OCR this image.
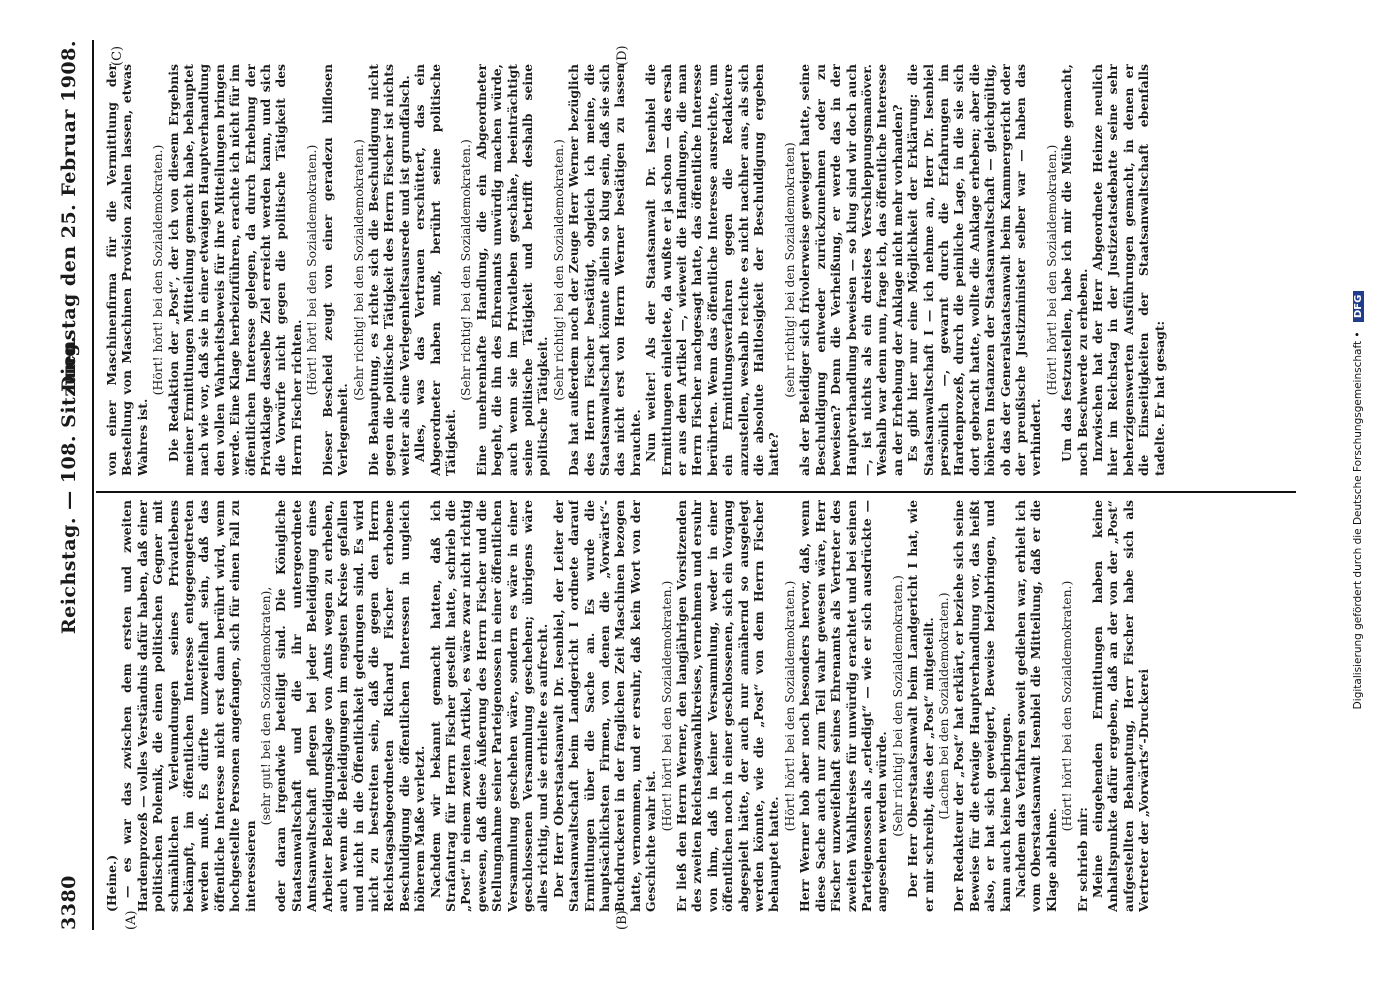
3380
Reichstag. — 108. Sitzung.
Dienstag den 25. Februar 1908.
(A)	(B)
(C)	(D)

(Heine.) — es war das zwischen dem ersten und zweiten Hardenprozeß — volles Verständnis dafür haben, daß einer politischen Polemik, die einen politischen Gegner mit schmählichen Verleumdungen seines Privatlebens bekämpft, im öffentlichen Interesse entgegengetreten werden muß. Es dürfte unzweifelhaft sein, daß das öffentliche Interesse nicht erst dann berührt wird, wenn hochgestellte Personen angefangen, sich für einen Fall zu interessieren

(sehr gut! bei den Sozialdemokraten), oder daran irgendwie beteiligt sind. Die Königliche Staatsanwaltschaft und die ihr untergeordnete Amtsanwaltschaft pflegen bei jeder Beleidigung eines Arbeiter Beleidigungsklage von Amts wegen zu erheben, auch wenn die Beleidigungen im engsten Kreise gefallen und nicht in die Öffentlichkeit gedrungen sind. Es wird nicht zu bestreiten sein, daß die gegen den Herrn Reichstagsabgeordneten Richard Fischer erhobene Beschuldigung die öffentlichen Interessen in ungleich höherem Maße verletzt. Nachdem wir bekannt gemacht hatten, daß ich Strafantrag für Herrn Fischer gestellt hatte, schrieb die „Post“ in einem zweiten Artikel, es wäre zwar nicht richtig gewesen, daß diese Äußerung des Herrn Fischer und die Stellungnahme seiner Parteigenossen in einer öffentlichen Versammlung geschehen wäre, sondern es wäre in einer geschlossenen Versammlung geschehen; übrigens wäre alles richtig, und sie erhielte es aufrecht. Der Herr Oberstaatsanwalt Dr. Isenbiel, der Leiter der Staatsanwaltschaft beim Landgericht I ordnete darauf Ermittlungen über die Sache an. Es wurde die hauptsächlichsten Firmen, von denen die „Vorwärts“-Buchdruckerei in der fraglichen Zeit Maschinen bezogen hatte, vernommen, und er ersuhr, daß kein Wort von der Geschichte wahr ist.

(Hört! hört! bei den Sozialdemokraten.) Er ließ den Herrn Werner, den langjährigen Vorsitzenden des zweiten Reichstagswahlkreises, vernehmen und ersuhr von ihm, daß in keiner Versammlung, weder in einer öffentlichen noch in einer geschlossenen, sich ein Vorgang abgespielt hätte, der auch nur annähernd so ausgelegt werden könnte, wie die „Post“ von dem Herrn Fischer behauptet hatte.

(Hört! hört! bei den Sozialdemokraten.) Herr Werner hob aber noch besonders hervor, daß, wenn diese Sache auch nur zum Teil wahr gewesen wäre, Herr Fischer unzweifelhaft seines Ehrenamts als Vertreter des zweiten Wahlkreises für unwürdig erachtet und bei seinen Parteigenossen als „erledigt“ — wie er sich ausdrückte — angesehen werden würde. (Sehr richtig! bei den Sozialdemokraten.) Der Herr Oberstaatsanwalt beim Landgericht I hat, wie er mir schreibt, dies der „Post“ mitgeteilt. (Lachen bei den Sozialdemokraten.) Der Redakteur der „Post“ hat erklärt, er beziehe sich seine Beweise für die etwaige Hauptverhandlung vor, das heißt also, er hat sich geweigert, Beweise beizubringen, und kann auch keine beibringen. Nachdem das Verfahren soweit gediehen war, erhielt ich vom Oberstaatsanwalt Isenbiel die Mitteilung, daß er die Klage ablehne.

(Hört! hört! bei den Sozialdemokraten.)

Er schrieb mir: Meine eingehenden Ermittlungen haben keine Anhaltspunkte dafür ergeben, daß an der von der „Post“ aufgestellten Behauptung, Herr Fischer habe sich als Vertreter der „Vorwärts“-Druckerei

von einer Maschinenfirma für die Vermittlung der Bestellung von Maschinen Provision zahlen lassen, etwas Wahres ist.

(Hört! hört! bei den Sozialdemokraten.) Die Redaktion der „Post“, der ich von diesem Ergebnis meiner Ermittlungen Mitteilung gemacht habe, behauptet nach wie vor, daß sie in einer etwaigen Hauptverhandlung den vollen Wahrheitsbeweis für ihre Mitteilungen bringen werde. Eine Klage herbeizuführen, erachte ich nicht für im öffentlichen Interesse gelegen, da durch Erhebung der Privatklage dasselbe Ziel erreicht werden kann, und sich die Vorwürfe nicht gegen die politische Tätigkeit des Herrn Fischer richten.

(Hört! hört! bei den Sozialdemokraten.) Dieser Bescheid zeugt von einer geradezu hilflosen Verlegenheit.

(Sehr richtig! bei den Sozialdemokraten.) Die Behauptung, es richte sich die Beschuldigung nicht gegen die politische Tätigkeit des Herrn Fischer ist nichts weiter als eine Verlegenheitsausrede und ist grundfalsch. Alles, was das Vertrauen erschüttert, das ein Abgeordneter haben muß, berührt seine politische Tätigkeit.

(Sehr richtig! bei den Sozialdemokraten.) Eine unehrenhafte Handlung, die ein Abgeordneter begeht, die ihn des Ehrenamts unwürdig machen würde, auch wenn sie im Privatleben geschähe, beeinträchtigt seine politische Tätigkeit und betrifft deshalb seine politische Tätigkeit.

(Sehr richtig! bei den Sozialdemokraten.) Das hat außerdem noch der Zeuge Herr Werner bezüglich des Herrn Fischer bestätigt, obgleich ich meine, die Staatsanwaltschaft könnte allein so klug sein, daß sie sich das nicht erst von Herrn Werner bestätigen zu lassen brauchte. Nun weiter! Als der Staatsanwalt Dr. Isenbiel die Ermittlungen einleitete, da wußte er ja schon — das ersah er aus dem Artikel —, wieweit die Handlungen, die man Herrn Fischer nachgesagt hatte, das öffentliche Interesse berührten. Wenn das öffentliche Interesse ausreichte, um ein Ermittlungsverfahren gegen die Redakteure anzustellen, weshalb reichte es nicht nachher aus, als sich die absolute Haltlosigkeit der Beschuldigung ergeben hatte?

(sehr richtig! bei den Sozialdemokraten) als der Beleidiger sich frivolerweise geweigert hatte, seine Beschuldigung entweder zurückzunehmen oder zu beweisen? Denn die Verheißung, er werde das in der Hauptverhandlung beweisen — so klug sind wir doch auch —, ist nichts als ein dreistes Verschleppungsmanöver. Weshalb war denn nun, frage ich, das öffentliche Interesse an der Erhebung der Anklage nicht mehr vorhanden? Es gibt hier nur eine Möglichkeit der Erklärung: die Staatsanwaltschaft I — ich nehme an, Herr Dr. Isenbiel persönlich —, gewarnt durch die Erfahrungen im Hardenprozeß, durch die peinliche Lage, in die sie sich dort gebracht hatte, wollte die Anklage erheben; aber die höheren Instanzen der Staatsanwaltschaft — gleichgültig, ob das der Generalstaatsanwalt beim Kammergericht oder der preußische Justizminister selber war — haben das verhindert.

(Hört! hört! bei den Sozialdemokraten.) Um das festzustellen, habe ich mir die Mühe gemacht, noch Beschwerde zu erheben. Inzwischen hat der Herr Abgeordnete Heinze neulich hier im Reichstag in der Justizetatsdebatte seine sehr beherzigenswerten Ausführungen gemacht, in denen er die Einseitigkeiten der Staatsanwaltschaft ebenfalls tadelte. Er hat gesagt:	Digitalisierung gefördert durch die Deutsche Forschungsgemeinschaft • DFG
